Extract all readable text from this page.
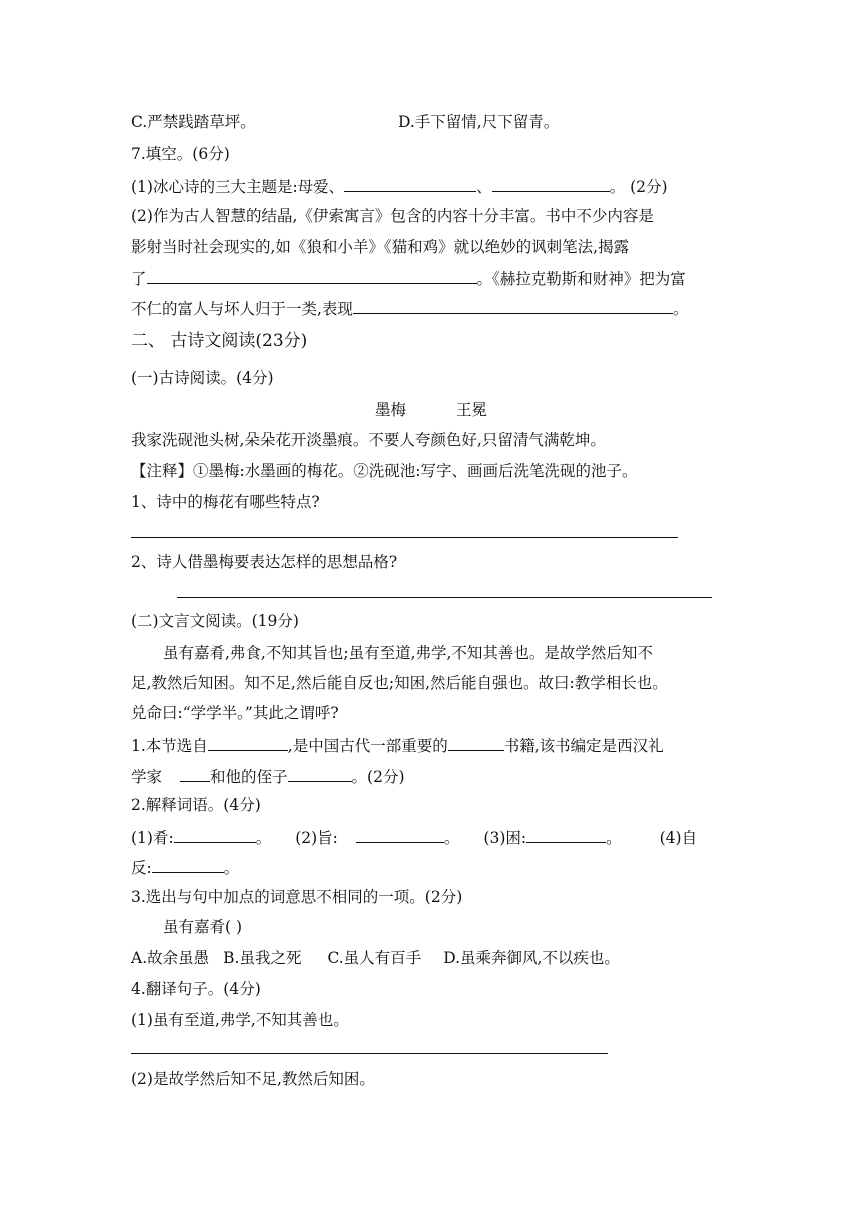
C.严禁践踏草坪。	D.手下留情,尺下留青。
7.填空。(6分)
(1)冰心诗的三大主题是:母爱、	、	。 (2分)
(2)作为古人智慧的结晶,《伊索寓言》包含的内容十分丰富。书中不少内容是
影射当时社会现实的,如《狼和小羊》《猫和鸡》就以绝妙的讽刺笔法,揭露
了	。《赫拉克勒斯和财神》把为富
不仁的富人与坏人归于一类,表现	。
二、 古诗文阅读(23分)
(一)古诗阅读。(4分)
墨梅	王冕
我家洗砚池头树,朵朵花开淡墨痕。不要人夸颜色好,只留清气满乾坤。
【注释】①墨梅:水墨画的梅花。②洗砚池:写字、画画后洗笔洗砚的池子。
1、诗中的梅花有哪些特点?
2、诗人借墨梅要表达怎样的思想品格?
(二)文言文阅读。(19分)
虽有嘉肴,弗食,不知其旨也;虽有至道,弗学,不知其善也。是故学然后知不
足,教然后知困。知不足,然后能自反也;知困,然后能自强也。故曰:教学相长也。
兑命曰:“学学半。”其此之谓呼?
1.本节选自	,是中国古代一部重要的	书籍,该书编定是西汉礼
学家	和他的侄子	。(2分)
2.解释词语。(4分)
(1)肴:	。 (2)旨:	。 (3)困:	。 (4)自
反:	。
3.选出与句中加点的词意思不相同的一项。(2分)
虽有嘉肴( )
A.故余虽愚 B.虽我之死 C.虽人有百手 D.虽乘奔御风,不以疾也。
4.翻译句子。(4分)
(1)虽有至道,弗学,不知其善也。
(2)是故学然后知不足,教然后知困。
